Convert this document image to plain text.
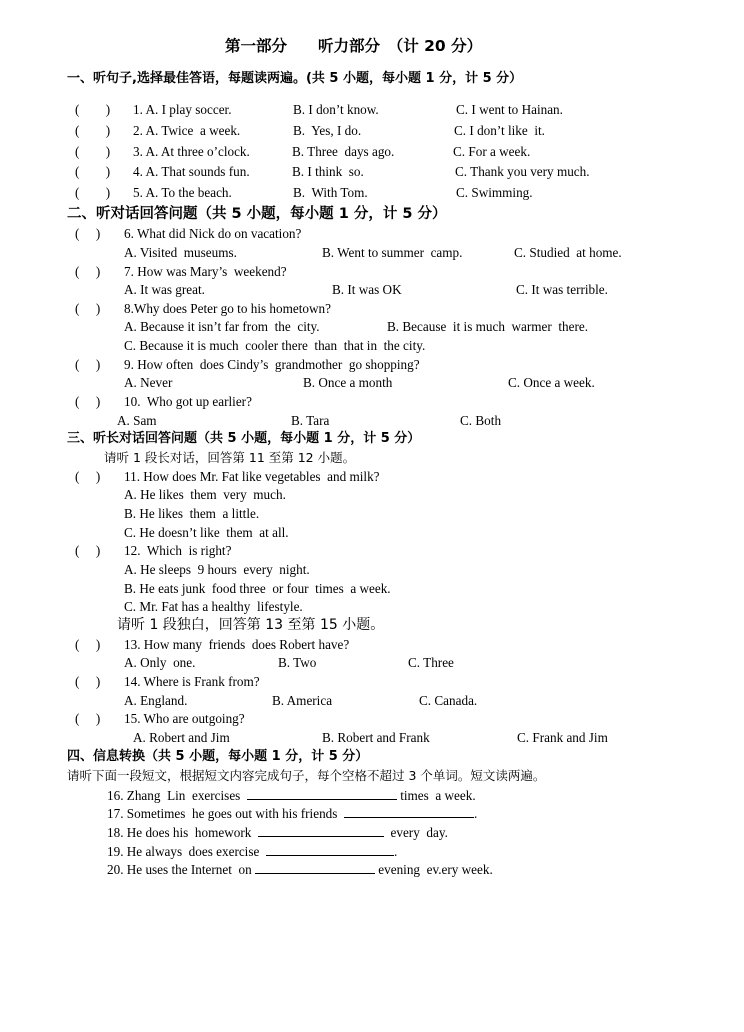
第一部分　　听力部分　（计 20 分）
一、听句子,选择最佳答语，每题读两遍。(共 5 小题，每小题 1 分，计 5 分）
(　　) 1. A. I play soccer.	B. I don’t know.	C. I went to Hainan.
(　　) 2. A. Twice  a week.	B.  Yes, I do.	C. I don’t like  it.
(　　) 3. A. At three o’clock.	B. Three  days ago.	C. For a week.
(　　) 4. A. That sounds fun.	B. I think  so.	C. Thank you very much.
(　　) 5. A. To the beach.	B.  With Tom.	C. Swimming.
二、听对话回答问题（共 5 小题，每小题 1 分，计 5 分）
(　 ) 6. What did Nick do on vacation?
A. Visited  museums.	B. Went to summer  camp.	C. Studied  at home.
(　 ) 7. How was Mary’s  weekend?
A. It was great.	B. It was OK	C. It was terrible.
(　 ) 8.Why does Peter go to his hometown?
A. Because it isn’t far from  the  city.	B. Because  it is much  warmer  there.
C. Because it is much  cooler there  than  that in  the city.
(　 ) 9. How often  does Cindy’s  grandmother  go shopping?
A. Never	B. Once a month	C. Once a week.
(　 ) 10.  Who got up earlier?
A. Sam	B. Tara	C. Both
三、听长对话回答问题（共 5 小题，每小题 1 分，计 5 分）
请听 1 段长对话，回答第 11 至第 12 小题。
(　 ) 11. How does Mr. Fat like vegetables  and milk?
A. He likes  them  very  much.
B. He likes  them  a little.
C. He doesn’t like  them  at all.
(　 ) 12.  Which  is right?
A. He sleeps  9 hours  every  night.
B. He eats junk  food three  or four  times  a week.
C. Mr. Fat has a healthy  lifestyle.
请听 1 段独白，回答第 13 至第 15 小题。
(　 ) 13. How many  friends  does Robert have?
A. Only  one.	B. Two	C. Three
(　 ) 14. Where is Frank from?
A. England.	B. America	C. Canada.
(　 ) 15. Who are outgoing?
A. Robert and Jim	B. Robert and Frank	C. Frank and Jim
四、信息转换（共 5 小题，每小题 1 分，计 5 分）
请听下面一段短文，根据短文内容完成句子，每个空格不超过 3 个单词。短文读两遍。
16. Zhang  Lin  exercises	times  a week.
17. Sometimes  he goes out with his friends	.
18. He does his  homework	every  day.
19. He always  does exercise	.
20. He uses the Internet  on	evening  ev.ery week.
